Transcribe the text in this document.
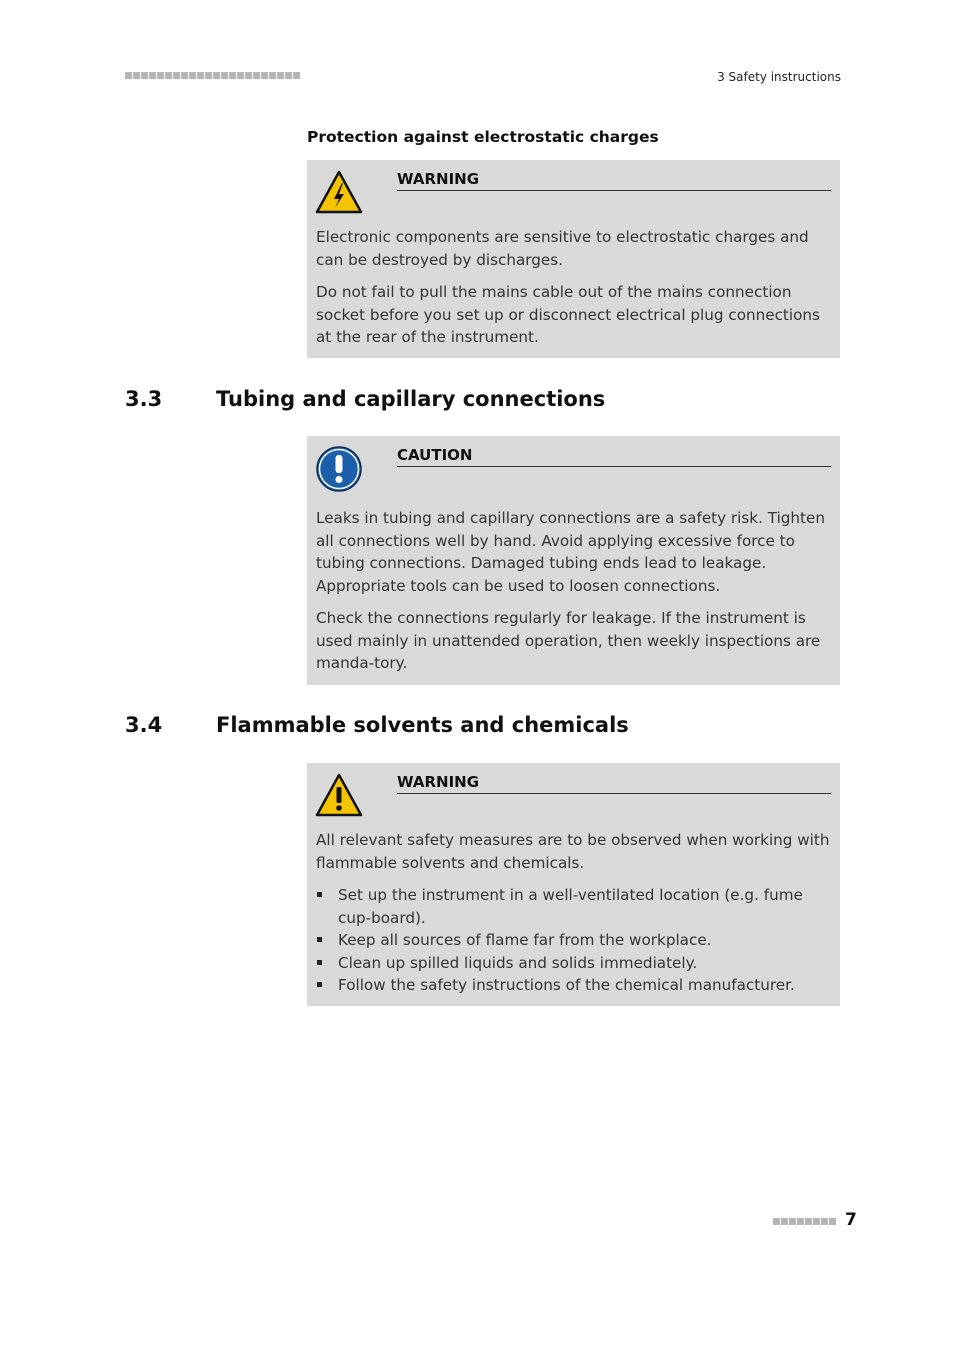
3 Safety instructions
Protection against electrostatic charges
WARNING

Electronic components are sensitive to electrostatic charges and can be destroyed by discharges.

Do not fail to pull the mains cable out of the mains connection socket before you set up or disconnect electrical plug connections at the rear of the instrument.

3.3	Tubing and capillary connections
CAUTION

Leaks in tubing and capillary connections are a safety risk. Tighten all connections well by hand. Avoid applying excessive force to tubing connections. Damaged tubing ends lead to leakage. Appropriate tools can be used to loosen connections.

Check the connections regularly for leakage. If the instrument is used mainly in unattended operation, then weekly inspections are manda-tory.

3.4	Flammable solvents and chemicals
WARNING

All relevant safety measures are to be observed when working with flammable solvents and chemicals.

Set up the instrument in a well-ventilated location (e.g. fume cup-board).
Keep all sources of flame far from the workplace.
Clean up spilled liquids and solids immediately.
Follow the safety instructions of the chemical manufacturer.
7
